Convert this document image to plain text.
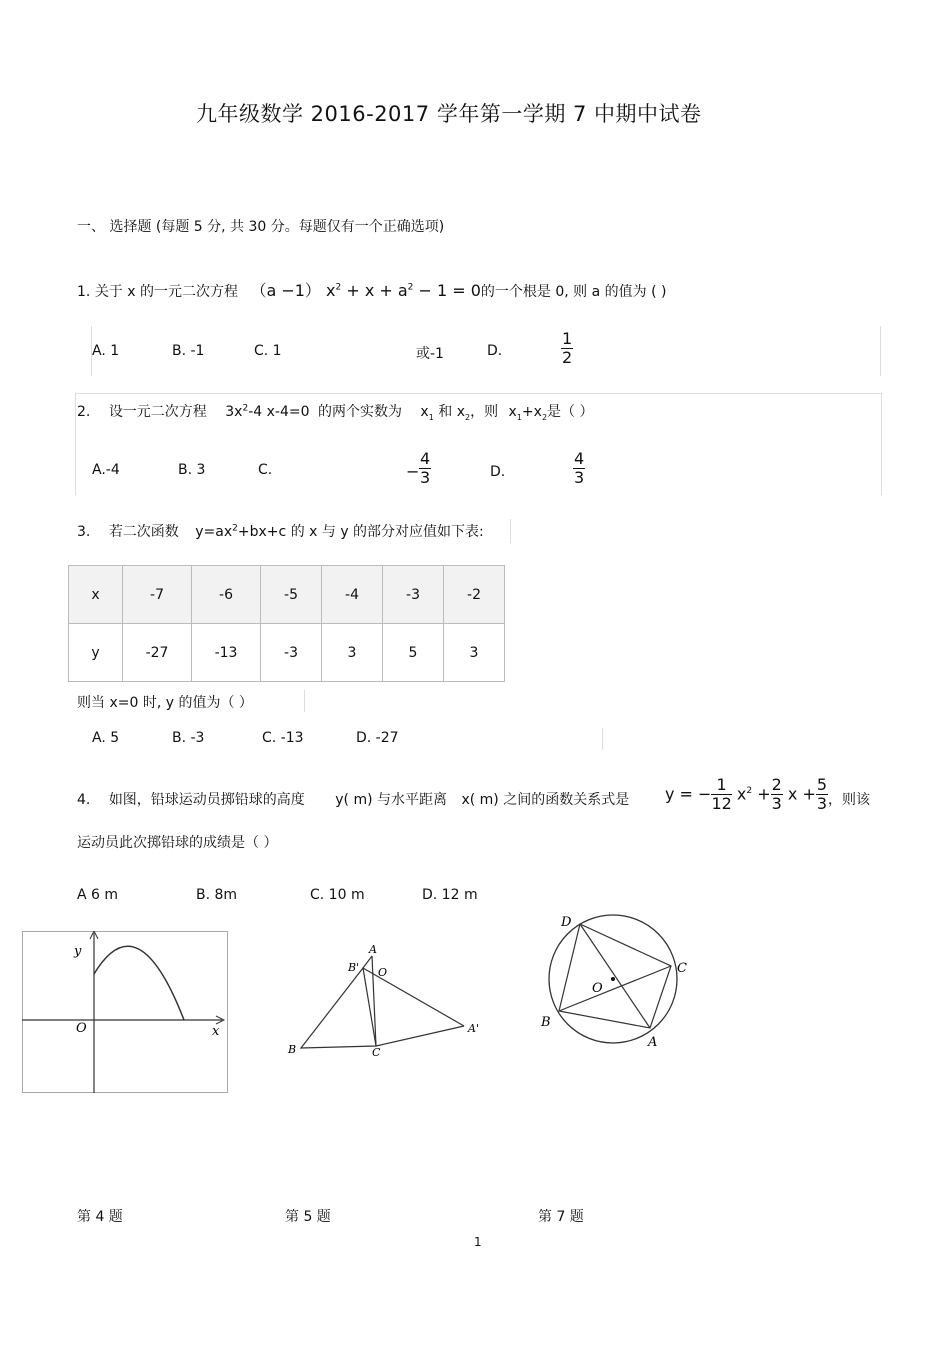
九年级数学 2016-2017 学年第一学期 7 中期中试卷
一、 选择题 (每题 5 分, 共 30 分。每题仅有一个正确选项)
1. 关于 x 的一元二次方程 （a −1） $x^2 + x + a^2 - 1 = 0$的一个根是 0, 则 a 的值为 ( )
A. 1	B. -1	C. 1	或-1	D.	$\frac{1}{2}$
2. 设一元二次方程 $3x^2-4$ x-4=0 的两个实数为 $x_1$ 和 $x_2$，则 $x_1+x_2$是（ ）
A.-4	B. 3	C.	− $\frac{4}{3}$	D.	$\frac{4}{3}$
3. 若二次函数 $y=ax^2+bx+c$ 的 x 与 y 的部分对应值如下表:
x	-7	-6	-5	-4	-3	-2
y	-27	-13	-3	3	5	3
则当 x=0 时, y 的值为（ ）
A. 5	B. -3	C. -13	D. -27
4. 如图，铅球运动员掷铅球的高度 y( m) 与水平距离 x( m) 之间的函数关系式是 y = − $\frac{1}{12} x^2 + \frac{2}{3}$ $x + \frac{5}{3}$ ，则该
运动员此次掷铅球的成绩是（ ）
A 6 m	B. 8m	C. 10 m	D. 12 m
y
x
O
A
B' O
B	C
A'
D
C
O
B
A
第 4 题	第 5 题	第 7 题
1
